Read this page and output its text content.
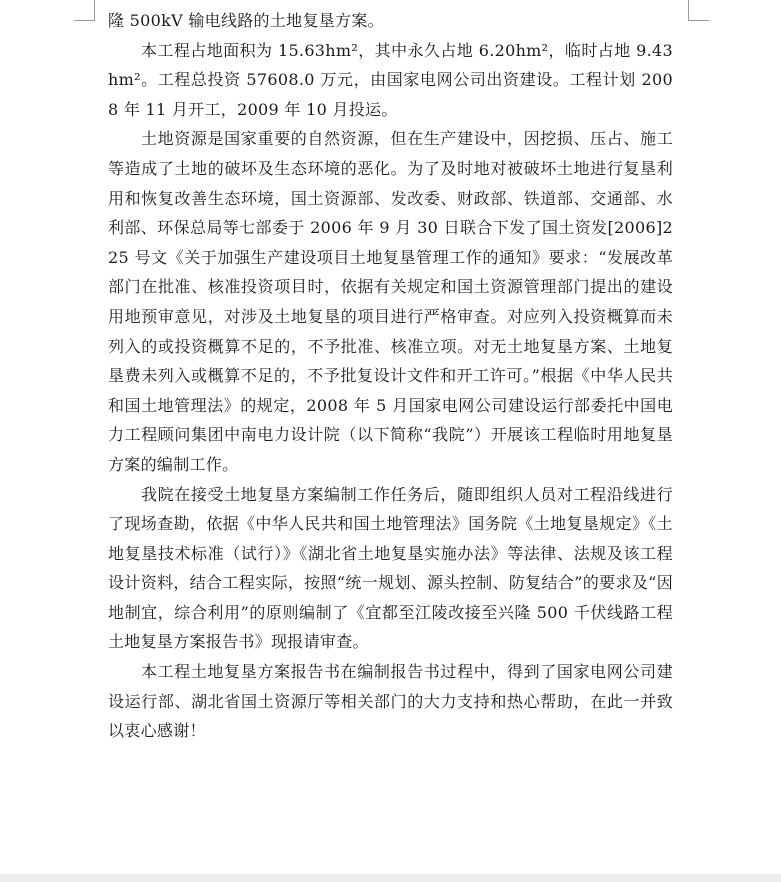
隆 500kV 输电线路的土地复垦方案。

本工程占地面积为 15.63hm²，其中永久占地 6.20hm²，临时占地 9.43hm²。工程总投资 57608.0 万元，由国家电网公司出资建设。工程计划 2008 年 11 月开工，2009 年 10 月投运。

土地资源是国家重要的自然资源，但在生产建设中，因挖损、压占、施工等造成了土地的破坏及生态环境的恶化。为了及时地对被破坏土地进行复垦利用和恢复改善生态环境，国土资源部、发改委、财政部、铁道部、交通部、水利部、环保总局等七部委于 2006 年 9 月 30 日联合下发了国土资发[2006]225 号文《关于加强生产建设项目土地复垦管理工作的通知》要求：“发展改革部门在批准、核准投资项目时，依据有关规定和国土资源管理部门提出的建设用地预审意见，对涉及土地复垦的项目进行严格审查。对应列入投资概算而未列入的或投资概算不足的，不予批准、核准立项。对无土地复垦方案、土地复垦费未列入或概算不足的，不予批复设计文件和开工许可。”根据《中华人民共和国土地管理法》的规定，2008 年 5 月国家电网公司建设运行部委托中国电力工程顾问集团中南电力设计院（以下简称“我院”）开展该工程临时用地复垦方案的编制工作。

我院在接受土地复垦方案编制工作任务后，随即组织人员对工程沿线进行了现场查勘，依据《中华人民共和国土地管理法》国务院《土地复垦规定》《土地复垦技术标准（试行）》《湖北省土地复垦实施办法》等法律、法规及该工程设计资料，结合工程实际，按照“统一规划、源头控制、防复结合”的要求及“因地制宜，综合利用”的原则编制了《宜都至江陵改接至兴隆 500 千伏线路工程土地复垦方案报告书》现报请审查。

本工程土地复垦方案报告书在编制报告书过程中，得到了国家电网公司建设运行部、湖北省国土资源厅等相关部门的大力支持和热心帮助，在此一并致以衷心感谢！
